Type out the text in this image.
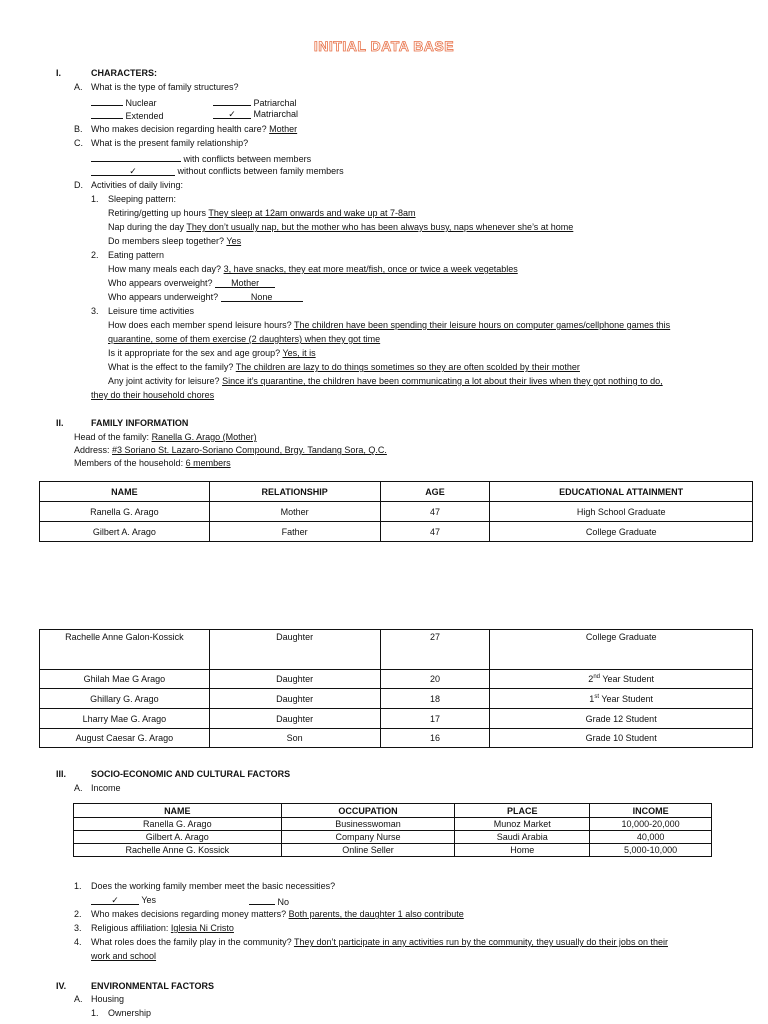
INITIAL DATA BASE
I.	CHARACTERS:
A. What is the type of family structures?
Nuclear	Patriarchal
Extended	✓ Matriarchal
B. Who makes decision regarding health care? Mother
C. What is the present family relationship?
with conflicts between members
✓	without conflicts between family members
D. Activities of daily living:
1. Sleeping pattern:
Retiring/getting up hours They sleep at 12am onwards and wake up at 7-8am
Nap during the day They don’t usually nap, but the mother who has been always busy, naps whenever she’s at home
Do members sleep together? Yes
2. Eating pattern
How many meals each day? 3, have snacks, they eat more meat/fish, once or twice a week vegetables
Who appears overweight? Mother
Who appears underweight?	None
3. Leisure time activities
How does each member spend leisure hours? The children have been spending their leisure hours on computer games/cellphone games this
quarantine, some of them exercise (2 daughters) when they got time
Is it appropriate for the sex and age group? Yes, it is
What is the effect to the family? The children are lazy to do things sometimes so they are often scolded by their mother
Any joint activity for leisure? Since it’s quarantine, the children have been communicating a lot about their lives when they got nothing to do,
they do their household chores
II.	FAMILY INFORMATION
Head of the family: Ranella G. Arago (Mother)
Address: #3 Soriano St. Lazaro-Soriano Compound, Brgy. Tandang Sora, Q.C.
Members of the household: 6 members
NAME	RELATIONSHIP	AGE	EDUCATIONAL ATTAINMENT
Ranella G. Arago	Mother	47	High School Graduate
Gilbert A. Arago	Father	47	College Graduate
Rachelle Anne Galon-Kossick	Daughter	27	College Graduate
Ghilah Mae G Arago	Daughter	20	2nd Year Student
Ghillary G. Arago	Daughter	18	1st Year Student
Lharry Mae G. Arago	Daughter	17	Grade 12 Student
August Caesar G. Arago	Son	16	Grade 10 Student
III.	SOCIO-ECONOMIC AND CULTURAL FACTORS
A. Income
NAME	OCCUPATION	PLACE	INCOME
Ranella G. Arago	Businesswoman	Munoz Market	10,000-20,000
Gilbert A. Arago	Company Nurse	Saudi Arabia	40,000
Rachelle Anne G. Kossick	Online Seller	Home	5,000-10,000
1. Does the working family member meet the basic necessities?
✓	Yes	No
2. Who makes decisions regarding money matters? Both parents, the daughter 1 also contribute
3. Religious affiliation: Iglesia Ni Cristo
4. What roles does the family play in the community? They don’t participate in any activities run by the community, they usually do their jobs on their
work and school
IV.	ENVIRONMENTAL FACTORS
A. Housing
1. Ownership
